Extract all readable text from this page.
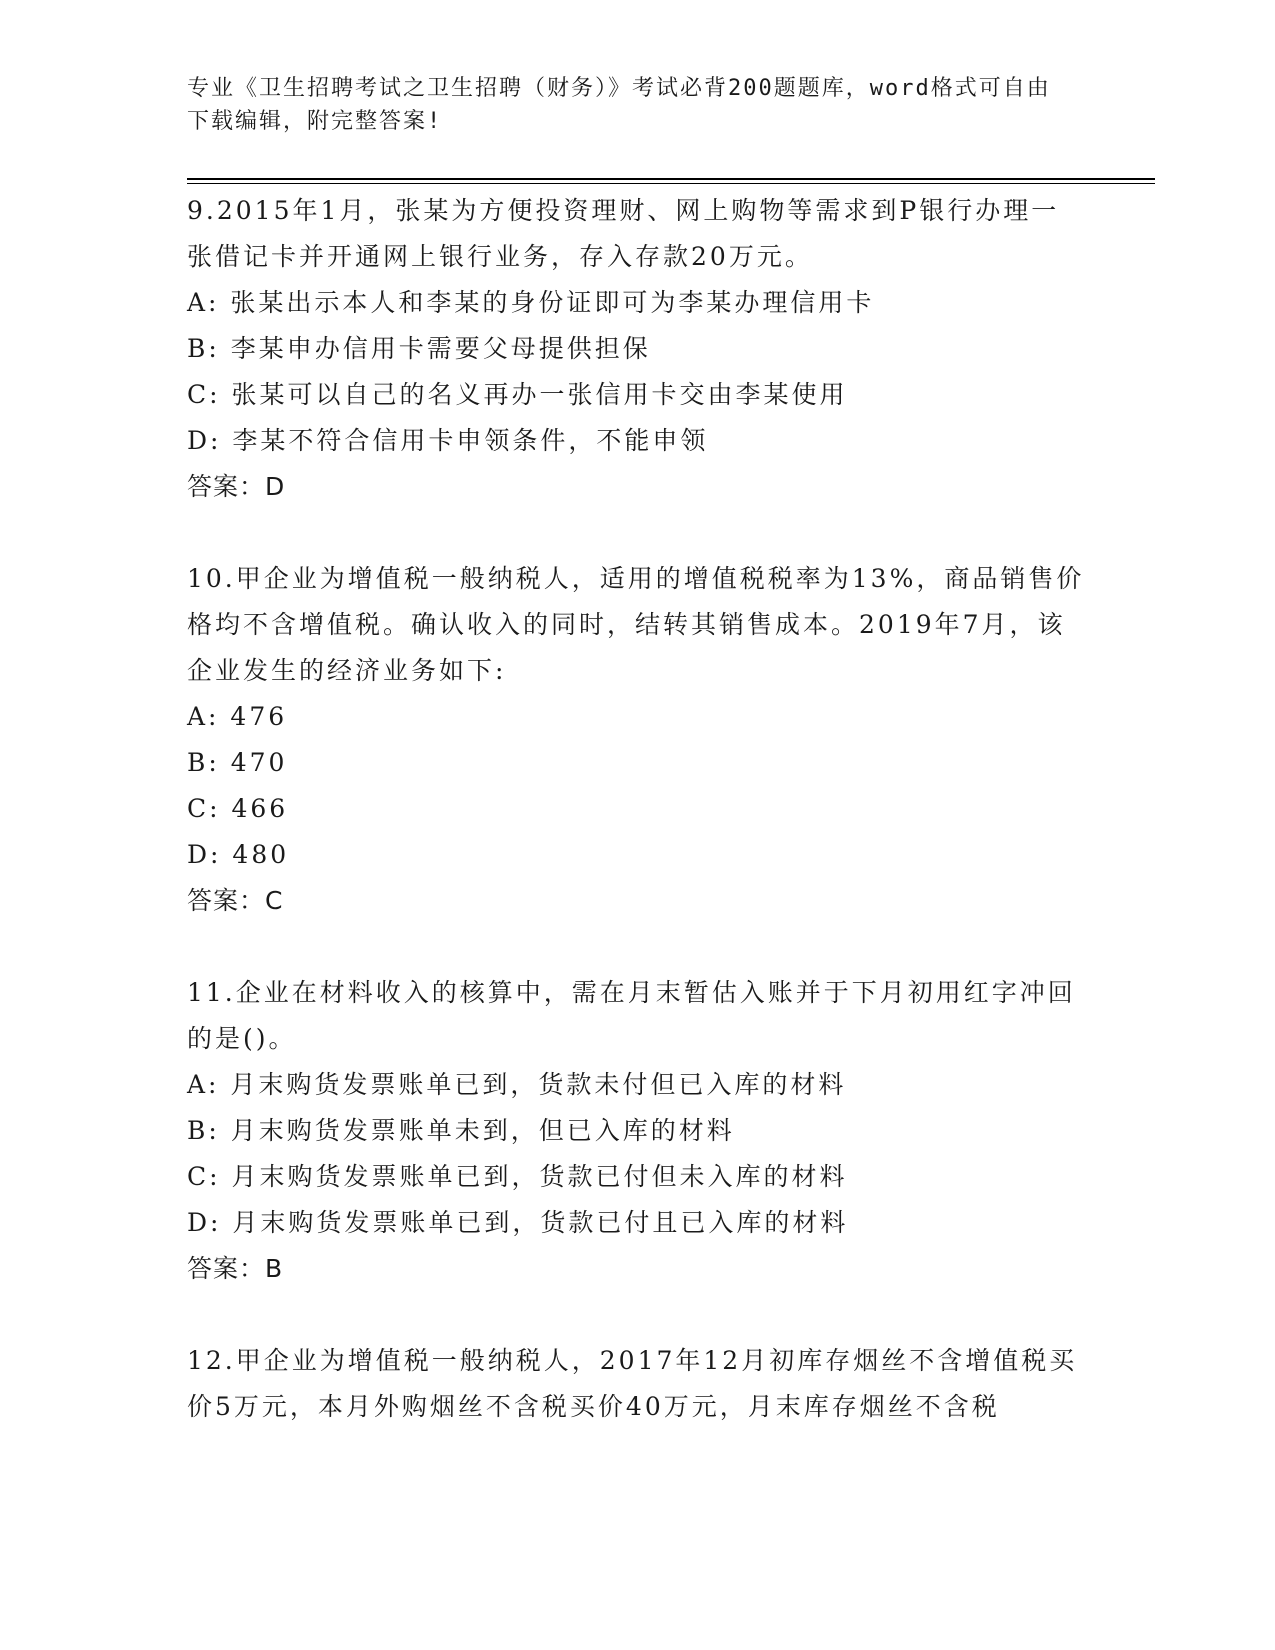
专业《卫生招聘考试之卫生招聘（财务）》考试必背200题题库，word格式可自由下载编辑，附完整答案!
9.2015年1月，张某为方便投资理财、网上购物等需求到P银行办理一张借记卡并开通网上银行业务，存入存款20万元。
A: 张某出示本人和李某的身份证即可为李某办理信用卡
B: 李某申办信用卡需要父母提供担保
C: 张某可以自己的名义再办一张信用卡交由李某使用
D: 李某不符合信用卡申领条件，不能申领
答案：D
10.甲企业为增值税一般纳税人，适用的增值税税率为13%，商品销售价格均不含增值税。确认收入的同时，结转其销售成本。2019年7月，该企业发生的经济业务如下:
A: 476
B: 470
C: 466
D: 480
答案：C
11.企业在材料收入的核算中，需在月末暂估入账并于下月初用红字冲回的是()。
A: 月末购货发票账单已到，货款未付但已入库的材料
B: 月末购货发票账单未到，但已入库的材料
C: 月末购货发票账单已到，货款已付但未入库的材料
D: 月末购货发票账单已到，货款已付且已入库的材料
答案：B
12.甲企业为增值税一般纳税人，2017年12月初库存烟丝不含增值税买价5万元，本月外购烟丝不含税买价40万元，月末库存烟丝不含税
